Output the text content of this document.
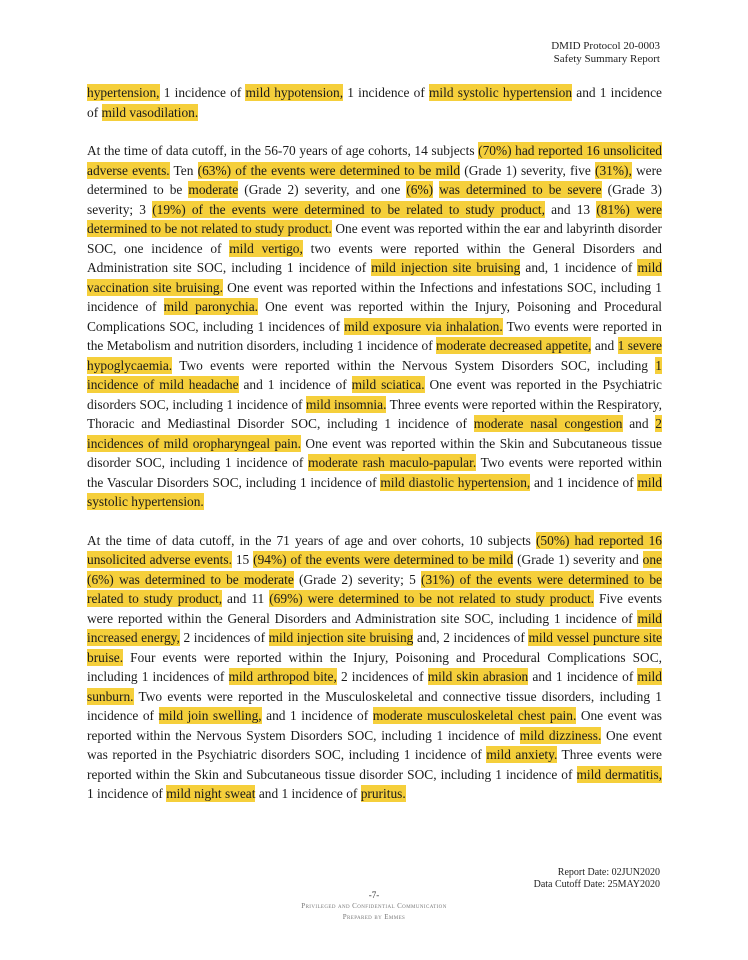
DMID Protocol 20-0003
Safety Summary Report

hypertension, 1 incidence of mild hypotension, 1 incidence of mild systolic hypertension and 1 incidence of mild vasodilation.

At the time of data cutoff, in the 56-70 years of age cohorts, 14 subjects (70%) had reported 16 unsolicited adverse events. Ten (63%) of the events were determined to be mild (Grade 1) severity, five (31%), were determined to be moderate (Grade 2) severity, and one (6%) was determined to be severe (Grade 3) severity; 3 (19%) of the events were determined to be related to study product, and 13 (81%) were determined to be not related to study product. One event was reported within the ear and labyrinth disorder SOC, one incidence of mild vertigo, two events were reported within the General Disorders and Administration site SOC, including 1 incidence of mild injection site bruising and, 1 incidence of mild vaccination site bruising. One event was reported within the Infections and infestations SOC, including 1 incidence of mild paronychia. One event was reported within the Injury, Poisoning and Procedural Complications SOC, including 1 incidences of mild exposure via inhalation. Two events were reported in the Metabolism and nutrition disorders, including 1 incidence of moderate decreased appetite, and 1 severe hypoglycaemia. Two events were reported within the Nervous System Disorders SOC, including 1 incidence of mild headache and 1 incidence of mild sciatica. One event was reported in the Psychiatric disorders SOC, including 1 incidence of mild insomnia. Three events were reported within the Respiratory, Thoracic and Mediastinal Disorder SOC, including 1 incidence of moderate nasal congestion and 2 incidences of mild oropharyngeal pain. One event was reported within the Skin and Subcutaneous tissue disorder SOC, including 1 incidence of moderate rash maculo-papular. Two events were reported within the Vascular Disorders SOC, including 1 incidence of mild diastolic hypertension, and 1 incidence of mild systolic hypertension.

At the time of data cutoff, in the 71 years of age and over cohorts, 10 subjects (50%) had reported 16 unsolicited adverse events. 15 (94%) of the events were determined to be mild (Grade 1) severity and one (6%) was determined to be moderate (Grade 2) severity; 5 (31%) of the events were determined to be related to study product, and 11 (69%) were determined to be not related to study product. Five events were reported within the General Disorders and Administration site SOC, including 1 incidence of mild increased energy, 2 incidences of mild injection site bruising and, 2 incidences of mild vessel puncture site bruise. Four events were reported within the Injury, Poisoning and Procedural Complications SOC, including 1 incidences of mild arthropod bite, 2 incidences of mild skin abrasion and 1 incidence of mild sunburn. Two events were reported in the Musculoskeletal and connective tissue disorders, including 1 incidence of mild join swelling, and 1 incidence of moderate musculoskeletal chest pain. One event was reported within the Nervous System Disorders SOC, including 1 incidence of mild dizziness. One event was reported in the Psychiatric disorders SOC, including 1 incidence of mild anxiety. Three events were reported within the Skin and Subcutaneous tissue disorder SOC, including 1 incidence of mild dermatitis, 1 incidence of mild night sweat and 1 incidence of pruritus.

Report Date: 02JUN2020
Data Cutoff Date: 25MAY2020
-7-
Privileged and Confidential Communication
Prepared by Emmes
